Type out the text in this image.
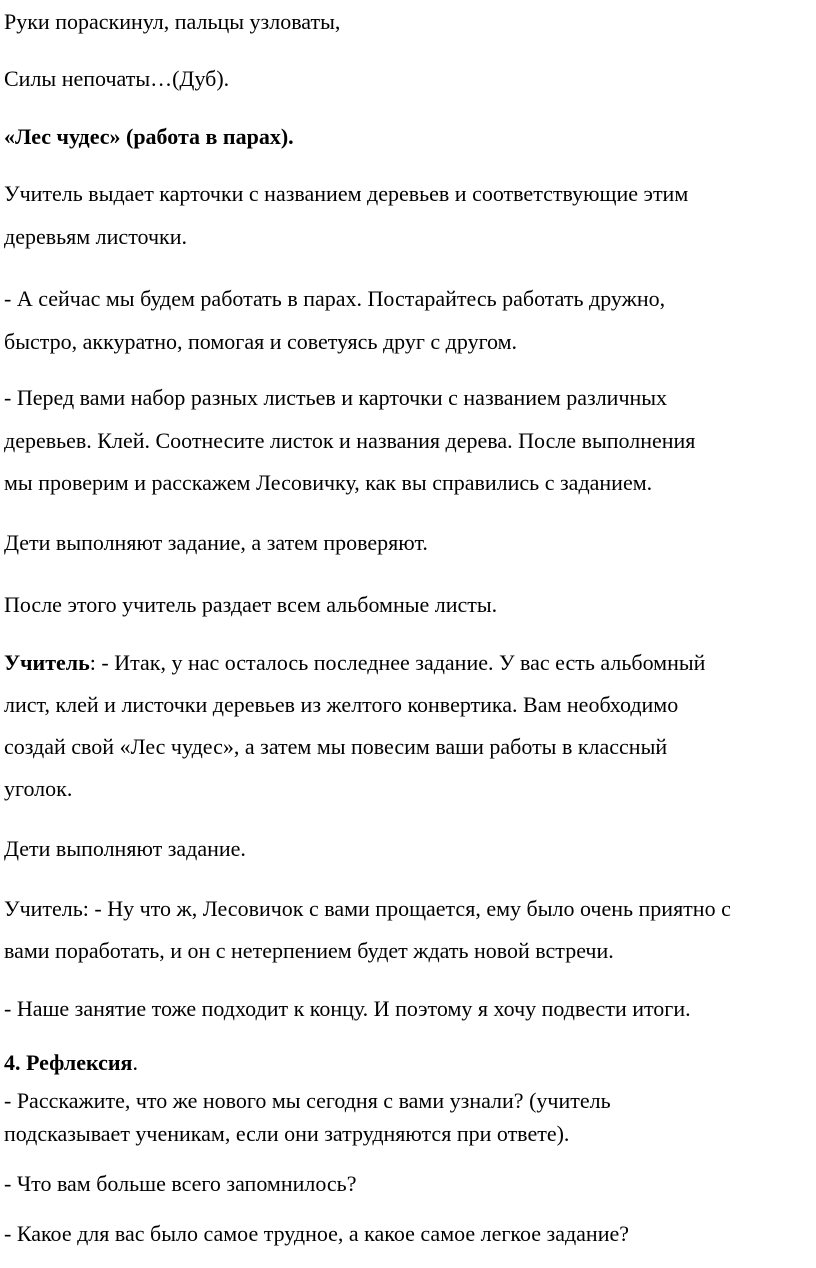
Руки пораскинул, пальцы узловаты,
Силы непочаты…(Дуб).
«Лес чудес» (работа в парах).
Учитель выдает карточки с названием деревьев и соответствующие этим
деревьям листочки.
- А сейчас мы будем работать в парах. Постарайтесь работать дружно,
быстро, аккуратно, помогая и советуясь друг с другом.
- Перед вами набор разных листьев и карточки с названием различных
деревьев. Клей. Соотнесите листок и названия дерева. После выполнения
мы проверим и расскажем Лесовичку, как вы справились с заданием.
Дети выполняют задание, а затем проверяют.
После этого учитель раздает всем альбомные листы.
Учитель: - Итак, у нас осталось последнее задание. У вас есть альбомный
лист, клей и листочки деревьев из желтого конвертика. Вам необходимо
создай свой «Лес чудес», а затем мы повесим ваши работы в классный
уголок.
Дети выполняют задание.
Учитель: - Ну что ж, Лесовичок с вами прощается, ему было очень приятно с
вами поработать, и он с нетерпением будет ждать новой встречи.
- Наше занятие тоже подходит к концу. И поэтому я хочу подвести итоги.
4. Рефлексия.
- Расскажите, что же нового мы сегодня с вами узнали? (учитель
подсказывает ученикам, если они затрудняются при ответе).
- Что вам больше всего запомнилось?
- Какое для вас было самое трудное, а какое самое легкое задание?
